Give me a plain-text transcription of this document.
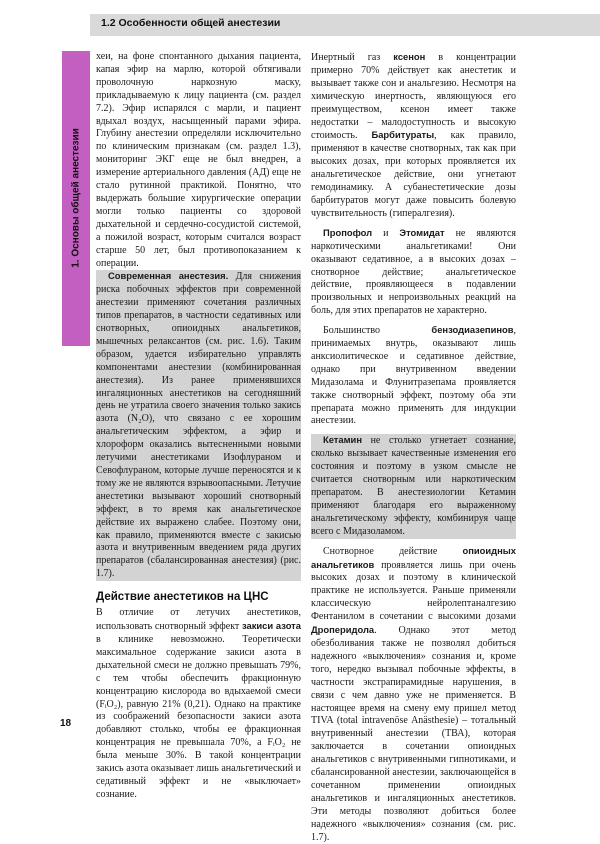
1.2 Особенности общей анестезии
1. Основы общей анестезии
18

хеи, на фоне спонтанного дыхания пациента, капая эфир на марлю, которой обтягивали проволочную наркозную маску, прикладываемую к лицу пациента (см. раздел 7.2). Эфир испарялся с марли, и пациент вдыхал воздух, насыщенный парами эфира. Глубину анестезии определяли исключительно по клиническим признакам (см. раздел 1.3), мониторинг ЭКГ еще не был внедрен, а измерение артериального давления (АД) еще не стало рутинной практикой. Понятно, что выдержать большие хирургические операции могли только пациенты со здоровой дыхательной и сердечно-сосудистой системой, а пожилой возраст, которым считался возраст старше 50 лет, был противопоказанием к операции.

Современная анестезия. Для снижения риска побочных эффектов при современной анестезии применяют сочетания различных типов препаратов, в частности седативных или снотворных, опиоидных анальгетиков, мышечных релаксантов (см. рис. 1.6). Таким образом, удается избирательно управлять компонентами анестезии (комбинированная анестезия). Из ранее применявшихся ингаляционных анестетиков на сегодняшний день не утратила своего значения только закись азота (N₂O), что связано с ее хорошим анальгетическим эффектом, а эфир и хлороформ оказались вытесненными новыми летучими анестетиками Изофлураном и Севофлураном, которые лучше переносятся и к тому же не являются взрывоопасными. Летучие анестетики вызывают хороший снотворный эффект, в то время как анальгетическое действие их выражено слабее. Поэтому они, как правило, применяются вместе с закисью азота и внутривенным введением ряда других препаратов (сбалансированная анестезия) (рис. 1.7).

Действие анестетиков на ЦНС

В отличие от летучих анестетиков, использовать снотворный эффект закиси азота в клинике невозможно. Теоретически максимальное содержание закиси азота в дыхательной смеси не должно превышать 79%, с тем чтобы обеспечить фракционную концентрацию кислорода во вдыхаемой смеси (FᵢO₂), равную 21% (0,21). Однако на практике из соображений безопасности закиси азота добавляют столько, чтобы ее фракционная концентрация не превышала 70%, а FᵢO₂ не была меньше 30%. В такой концентрации закись азота оказывает лишь анальгетический и седативный эффект и не «выключает» сознание.

Инертный газ ксенон в концентрации примерно 70% действует как анестетик и вызывает также сон и анальгезию. Несмотря на химическую инертность, являющуюся его преимуществом, ксенон имеет также недостатки – малодоступность и высокую стоимость. Барбитураты, как правило, применяют в качестве снотворных, так как при высоких дозах, при которых проявляется их анальгетическое действие, они угнетают гемодинамику. А субанестетические дозы барбитуратов могут даже повысить болевую чувствительность (гипералгезия).

Пропофол и Этомидат не являются наркотическими анальгетиками! Они оказывают седативное, а в высоких дозах – снотворное действие; анальгетическое действие, проявляющееся в подавлении произвольных и непроизвольных реакций на боль, для этих препаратов не характерно.

Большинство бензодиазепинов, принимаемых внутрь, оказывают лишь анксиолитическое и седативное действие, однако при внутривенном введении Мидазолама и Флунитразепама проявляется также снотворный эффект, поэтому оба эти препарата можно применять для индукции анестезии.

Кетамин не столько угнетает сознание, сколько вызывает качественные изменения его состояния и поэтому в узком смысле не считается снотворным или наркотическим препаратом. В анестезиологии Кетамин применяют благодаря его выраженному анальгетическому эффекту, комбинируя чаще всего с Мидазоламом.

Снотворное действие опиоидных анальгетиков проявляется лишь при очень высоких дозах и поэтому в клинической практике не используется. Раньше применяли классическую нейролептаналгезию Фентанилом в сочетании с высокими дозами Дроперидола. Однако этот метод обезболивания также не позволял добиться надежного «выключения» сознания и, кроме того, нередко вызывал побочные эффекты, в частности экстрапирамидные нарушения, в связи с чем давно уже не применяется. В настоящее время на смену ему пришел метод TIVA (total intravenöse Anästhesie) – тотальный внутривенный анестезии (ТВА), которая заключается в сочетании опиоидных анальгетиков с внутривенными гипнотиками, и сбалансированной анестезии, заключающейся в сочетанном применении опиоидных анальгетиков и ингаляционных анестетиков. Эти методы позволяют добиться более надежного «выключения» сознания (см. рис. 1.7).
